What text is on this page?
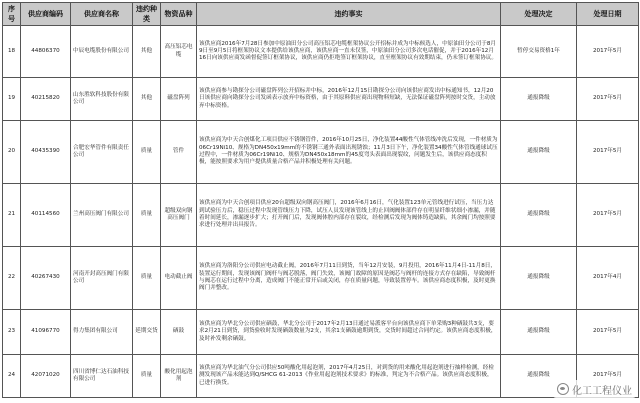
序号	供应商编码	供应商名称	违约种类	物资品种	违约事实	处理决定	处理日期
18	44806370	中辰电缆股份有限公司	其他	高压铝芯电缆	该供应商2016年7月28日参加中原油田分公司高压铝芯电缆框架协议公开招标并成为中标候选人，中原油田分公司于8月9日至9月5日将框架协议文本提供给该供应商，该供应商一直未仅签，中原油田分公司多次电话催促，并于2016年12月16日向该供应商发函督促签订框架协议，该供应商仍拒绝签订框架协议，直至框架协议有效期结束，仍未签订框架协议。	暂停交易资格1年	2017年5月
19	40215820	山东胜软科技股份有限公司	其他	磁盘阵列	该供应商参与勘探分公司磁盘阵列公开招标并中标，2016年12月15日勘探分公司向该供应商发出中标通知书，12月20日该供应商向勘探分公司发函表示放弃中标资格，由于其原料供应商出现物料短缺，无法保证磁盘阵列按时交货，主动放弃中标资格。	通报降级	2017年5月
20	40435390	合肥宏华管件有限责任公司	质量	管件	该供应商为中天合创煤化工项目供应不锈钢管件，2016年10月25日，净化装置44酸性气体管线冲洗后发现，一件材质为06Cr19Ni10、规格为DN450x19mm的不锈钢三通外表面出现锈蚀；11月3日下午，净化装置34酸性气体管线通球试压过程中，一件材质为06Cr19Ni10、规格为DN450x18mm的45度弯头表面出现裂纹，问题发生后，该供应商态度积极，能按照要求为用户提供质量合格产品并积极处理有关问题。	通报降级	2017年5月
21	40114560	兰州高压阀门有限公司	质量	超级双向钢高压阀门	该供应商为中天合创项目供应20台超级双向钢高压阀门，2016年6月16日，气化装置123单元管线进行试压，当压力达到试验压力后，稳压过程中发现管线压力下降，试压人员发现该管线上的止回阀阀体部件存在明显纤维状细小渗漏，并随着时间延长，渗漏逐步扩大；打开阀门后，发现阀体腔内部存在裂纹，经检测后发现为阀体铸造缺陷，其余阀门均按照要求进行处理并出具报告。	通报降级	2017年5月
22	40267430	河南开封高压阀门有限公司	质量	电动截止阀	该供应商为洛阳分公司供应电动截止阀，2016年7月11日到货，当年12月安装，9月投用，2016年11月4日-11月8日，装置运行期间，发现该阀门阀杆与阀芯脱落，阀门失效，该阀门故障的原因是阀芯与阀杆的连接方式存在缺陷，导致阀杆与阀芯在运行过程中分离，造成阀门不能正常开启或关闭，存在质量问题，导致装置停车。该供应商态度积极，及时更换阀门并整改。	通报降级	2017年4月
23	41096770	得力集团有限公司	延期交货	硒鼓	该供应商为华北分公司供应硒鼓，华北分公司于2017年2月13日通过易派客平台向该供应商下单采购3种硒鼓共3支，要求2月21日到货，到货验收时发现硒鼓数量为2支，其余1支硒鼓逾期到货，交货时间超过合同约定。该供应商态度积极，及时补发剩余硒鼓。	通报降级	2017年5月
24	42071020	四川省博仁达石油科技有限公司	质量	酸化用起泡剂	该供应商为华北油气分公司供应50吨酸化用起泡剂，2017年4月25日，对到货的用来酸化用起泡剂进行抽样检测，经检测发现该产品未能达到Q/SHCG 61-2013《作业用起泡剂技术要求》的标准，判定为不合格产品。该供应商态度积极，已进行换货。	通报降级	2017年5月
化工工程仪业
